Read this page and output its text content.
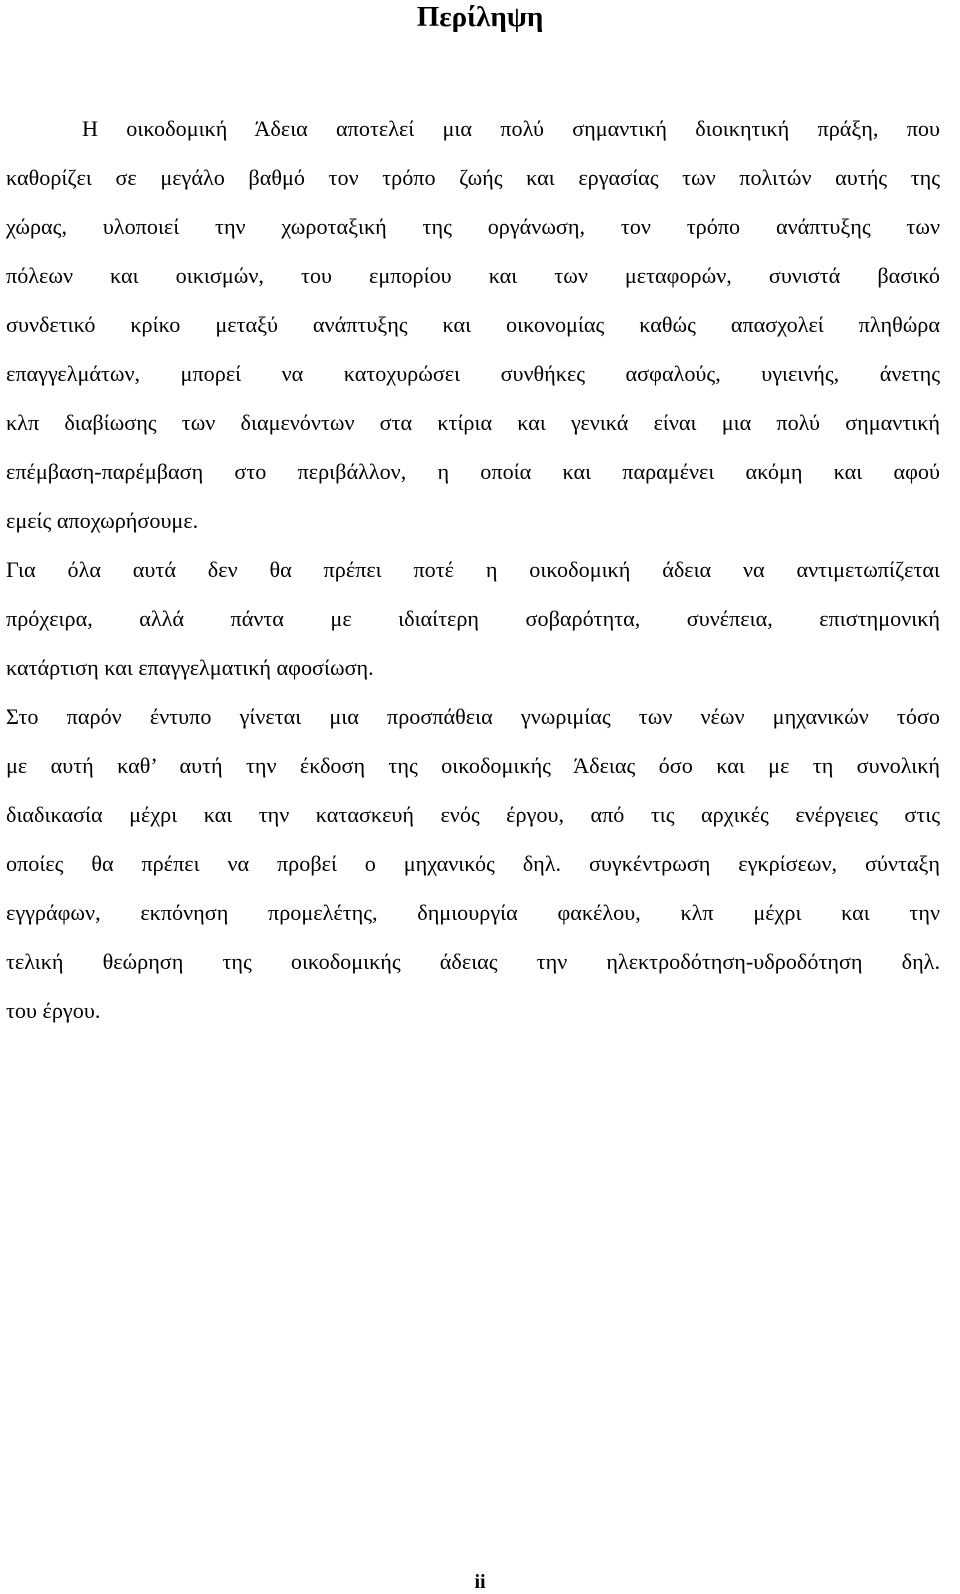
Περίληψη
Η οικοδομική Άδεια αποτελεί μια πολύ σημαντική διοικητική πράξη, που
καθορίζει σε μεγάλο βαθμό τον τρόπο ζωής και εργασίας των πολιτών αυτής της
χώρας, υλοποιεί την χωροταξική της οργάνωση, τον τρόπο ανάπτυξης των
πόλεων και οικισμών, του εμπορίου και των μεταφορών, συνιστά βασικό
συνδετικό κρίκο μεταξύ ανάπτυξης και οικονομίας καθώς απασχολεί πληθώρα
επαγγελμάτων, μπορεί να κατοχυρώσει συνθήκες ασφαλούς, υγιεινής, άνετης
κλπ διαβίωσης των διαμενόντων στα κτίρια και γενικά είναι μια πολύ σημαντική
επέμβαση-παρέμβαση στο περιβάλλον, η οποία και παραμένει ακόμη και αφού
εμείς αποχωρήσουμε.
Για όλα αυτά δεν θα πρέπει ποτέ η οικοδομική άδεια να αντιμετωπίζεται
πρόχειρα, αλλά πάντα με ιδιαίτερη σοβαρότητα, συνέπεια, επιστημονική
κατάρτιση και επαγγελματική αφοσίωση.
Στο παρόν έντυπο γίνεται μια προσπάθεια γνωριμίας των νέων μηχανικών τόσο
με αυτή καθ’ αυτή την έκδοση της οικοδομικής Άδειας όσο και με τη συνολική
διαδικασία μέχρι και την κατασκευή ενός έργου, από τις αρχικές ενέργειες στις
οποίες θα πρέπει να προβεί ο μηχανικός δηλ. συγκέντρωση εγκρίσεων, σύνταξη
εγγράφων, εκπόνηση προμελέτης, δημιουργία φακέλου, κλπ μέχρι και την
τελική θεώρηση της οικοδομικής άδειας την ηλεκτροδότηση-υδροδότηση δηλ.
του έργου.
ii
